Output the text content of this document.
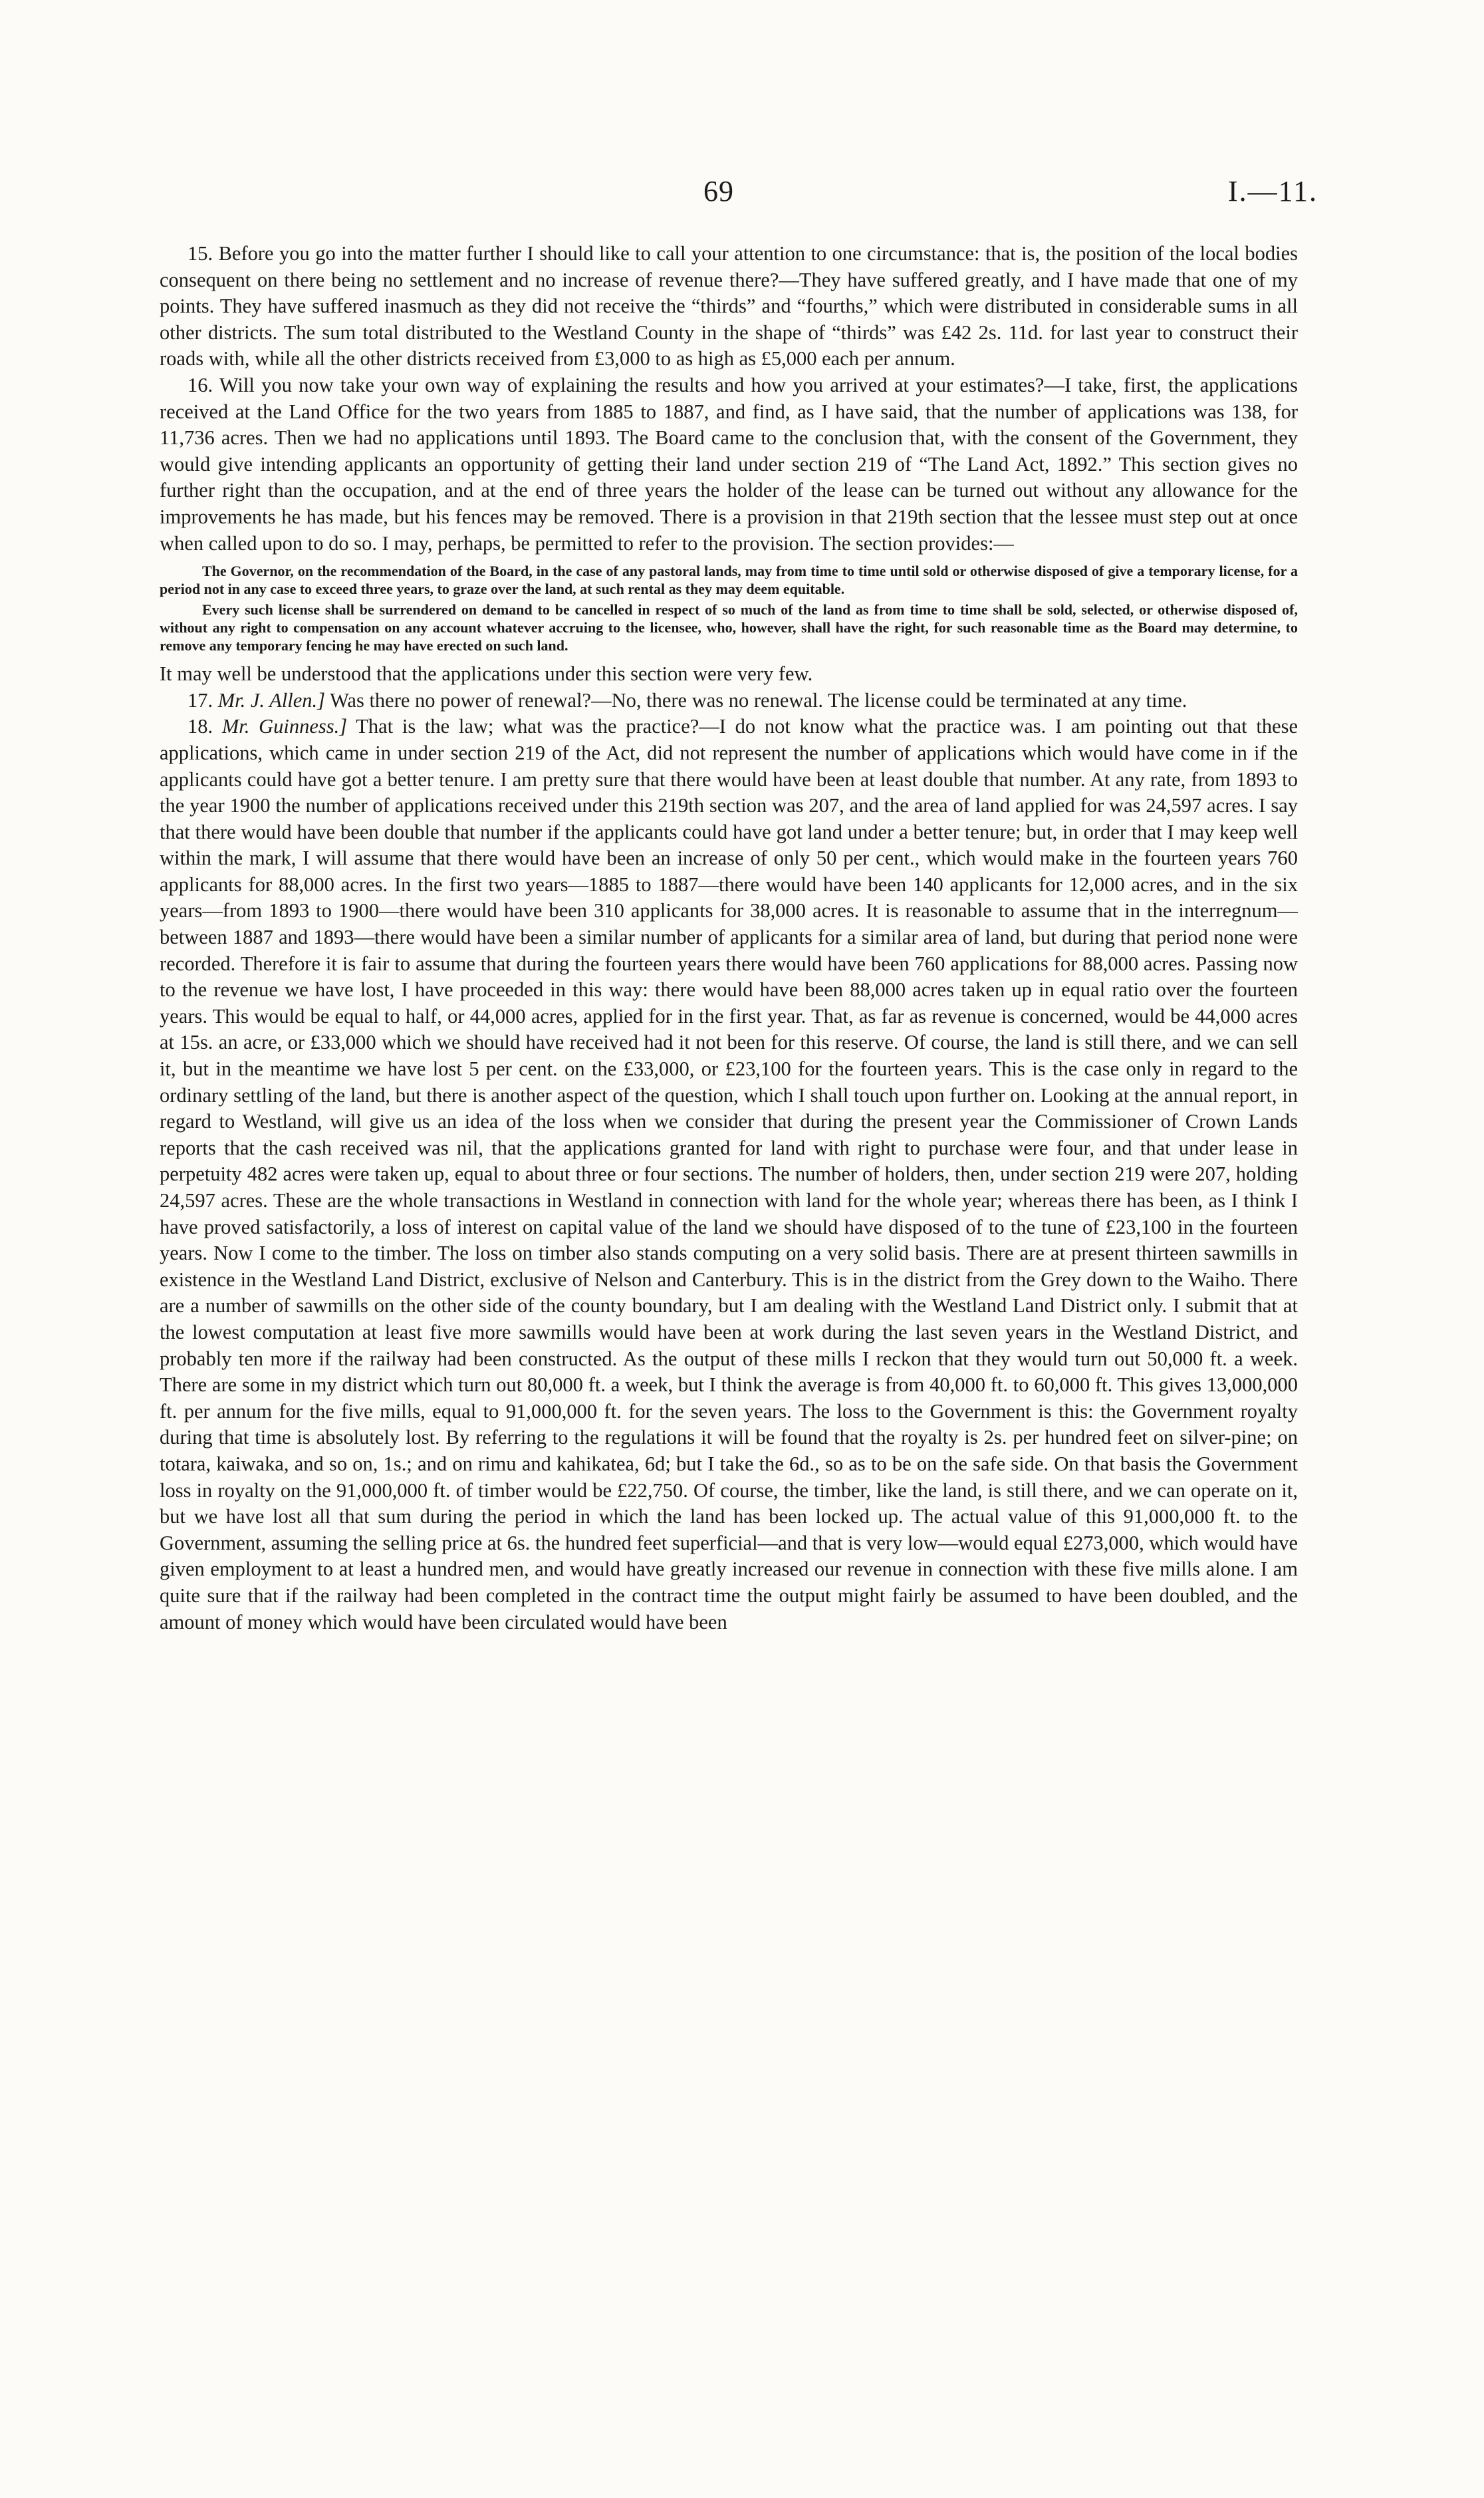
69	I.—11.

15. Before you go into the matter further I should like to call your attention to one circumstance: that is, the position of the local bodies consequent on there being no settlement and no increase of revenue there?—They have suffered greatly, and I have made that one of my points. They have suffered inasmuch as they did not receive the “thirds” and “fourths,” which were distributed in considerable sums in all other districts. The sum total distributed to the Westland County in the shape of “thirds” was £42 2s. 11d. for last year to construct their roads with, while all the other districts received from £3,000 to as high as £5,000 each per annum.

16. Will you now take your own way of explaining the results and how you arrived at your estimates?—I take, first, the applications received at the Land Office for the two years from 1885 to 1887, and find, as I have said, that the number of applications was 138, for 11,736 acres. Then we had no applications until 1893. The Board came to the conclusion that, with the consent of the Government, they would give intending applicants an opportunity of getting their land under section 219 of “The Land Act, 1892.” This section gives no further right than the occupation, and at the end of three years the holder of the lease can be turned out without any allowance for the improvements he has made, but his fences may be removed. There is a provision in that 219th section that the lessee must step out at once when called upon to do so. I may, perhaps, be permitted to refer to the provision. The section provides:—

The Governor, on the recommendation of the Board, in the case of any pastoral lands, may from time to time until sold or otherwise disposed of give a temporary license, for a period not in any case to exceed three years, to graze over the land, at such rental as they may deem equitable.

Every such license shall be surrendered on demand to be cancelled in respect of so much of the land as from time to time shall be sold, selected, or otherwise disposed of, without any right to compensation on any account whatever accruing to the licensee, who, however, shall have the right, for such reasonable time as the Board may determine, to remove any temporary fencing he may have erected on such land.

It may well be understood that the applications under this section were very few.

17. Mr. J. Allen.] Was there no power of renewal?—No, there was no renewal. The license could be terminated at any time.

18. Mr. Guinness.] That is the law; what was the practice?—I do not know what the practice was. I am pointing out that these applications, which came in under section 219 of the Act, did not represent the number of applications which would have come in if the applicants could have got a better tenure. I am pretty sure that there would have been at least double that number. At any rate, from 1893 to the year 1900 the number of applications received under this 219th section was 207, and the area of land applied for was 24,597 acres. I say that there would have been double that number if the applicants could have got land under a better tenure; but, in order that I may keep well within the mark, I will assume that there would have been an increase of only 50 per cent., which would make in the fourteen years 760 applicants for 88,000 acres. In the first two years—1885 to 1887—there would have been 140 applicants for 12,000 acres, and in the six years—from 1893 to 1900—there would have been 310 applicants for 38,000 acres. It is reasonable to assume that in the interregnum—between 1887 and 1893—there would have been a similar number of applicants for a similar area of land, but during that period none were recorded. Therefore it is fair to assume that during the fourteen years there would have been 760 applications for 88,000 acres. Passing now to the revenue we have lost, I have proceeded in this way: there would have been 88,000 acres taken up in equal ratio over the fourteen years. This would be equal to half, or 44,000 acres, applied for in the first year. That, as far as revenue is concerned, would be 44,000 acres at 15s. an acre, or £33,000 which we should have received had it not been for this reserve. Of course, the land is still there, and we can sell it, but in the meantime we have lost 5 per cent. on the £33,000, or £23,100 for the fourteen years. This is the case only in regard to the ordinary settling of the land, but there is another aspect of the question, which I shall touch upon further on. Looking at the annual report, in regard to Westland, will give us an idea of the loss when we consider that during the present year the Commissioner of Crown Lands reports that the cash received was nil, that the applications granted for land with right to purchase were four, and that under lease in perpetuity 482 acres were taken up, equal to about three or four sections. The number of holders, then, under section 219 were 207, holding 24,597 acres. These are the whole transactions in Westland in connection with land for the whole year; whereas there has been, as I think I have proved satisfactorily, a loss of interest on capital value of the land we should have disposed of to the tune of £23,100 in the fourteen years. Now I come to the timber. The loss on timber also stands computing on a very solid basis. There are at present thirteen sawmills in existence in the Westland Land District, exclusive of Nelson and Canterbury. This is in the district from the Grey down to the Waiho. There are a number of sawmills on the other side of the county boundary, but I am dealing with the Westland Land District only. I submit that at the lowest computation at least five more sawmills would have been at work during the last seven years in the Westland District, and probably ten more if the railway had been constructed. As the output of these mills I reckon that they would turn out 50,000 ft. a week. There are some in my district which turn out 80,000 ft. a week, but I think the average is from 40,000 ft. to 60,000 ft. This gives 13,000,000 ft. per annum for the five mills, equal to 91,000,000 ft. for the seven years. The loss to the Government is this: the Government royalty during that time is absolutely lost. By referring to the regulations it will be found that the royalty is 2s. per hundred feet on silver-pine; on totara, kaiwaka, and so on, 1s.; and on rimu and kahikatea, 6d; but I take the 6d., so as to be on the safe side. On that basis the Government loss in royalty on the 91,000,000 ft. of timber would be £22,750. Of course, the timber, like the land, is still there, and we can operate on it, but we have lost all that sum during the period in which the land has been locked up. The actual value of this 91,000,000 ft. to the Government, assuming the selling price at 6s. the hundred feet superficial—and that is very low—would equal £273,000, which would have given employment to at least a hundred men, and would have greatly increased our revenue in connection with these five mills alone. I am quite sure that if the railway had been completed in the contract time the output might fairly be assumed to have been doubled, and the amount of money which would have been circulated would have been
